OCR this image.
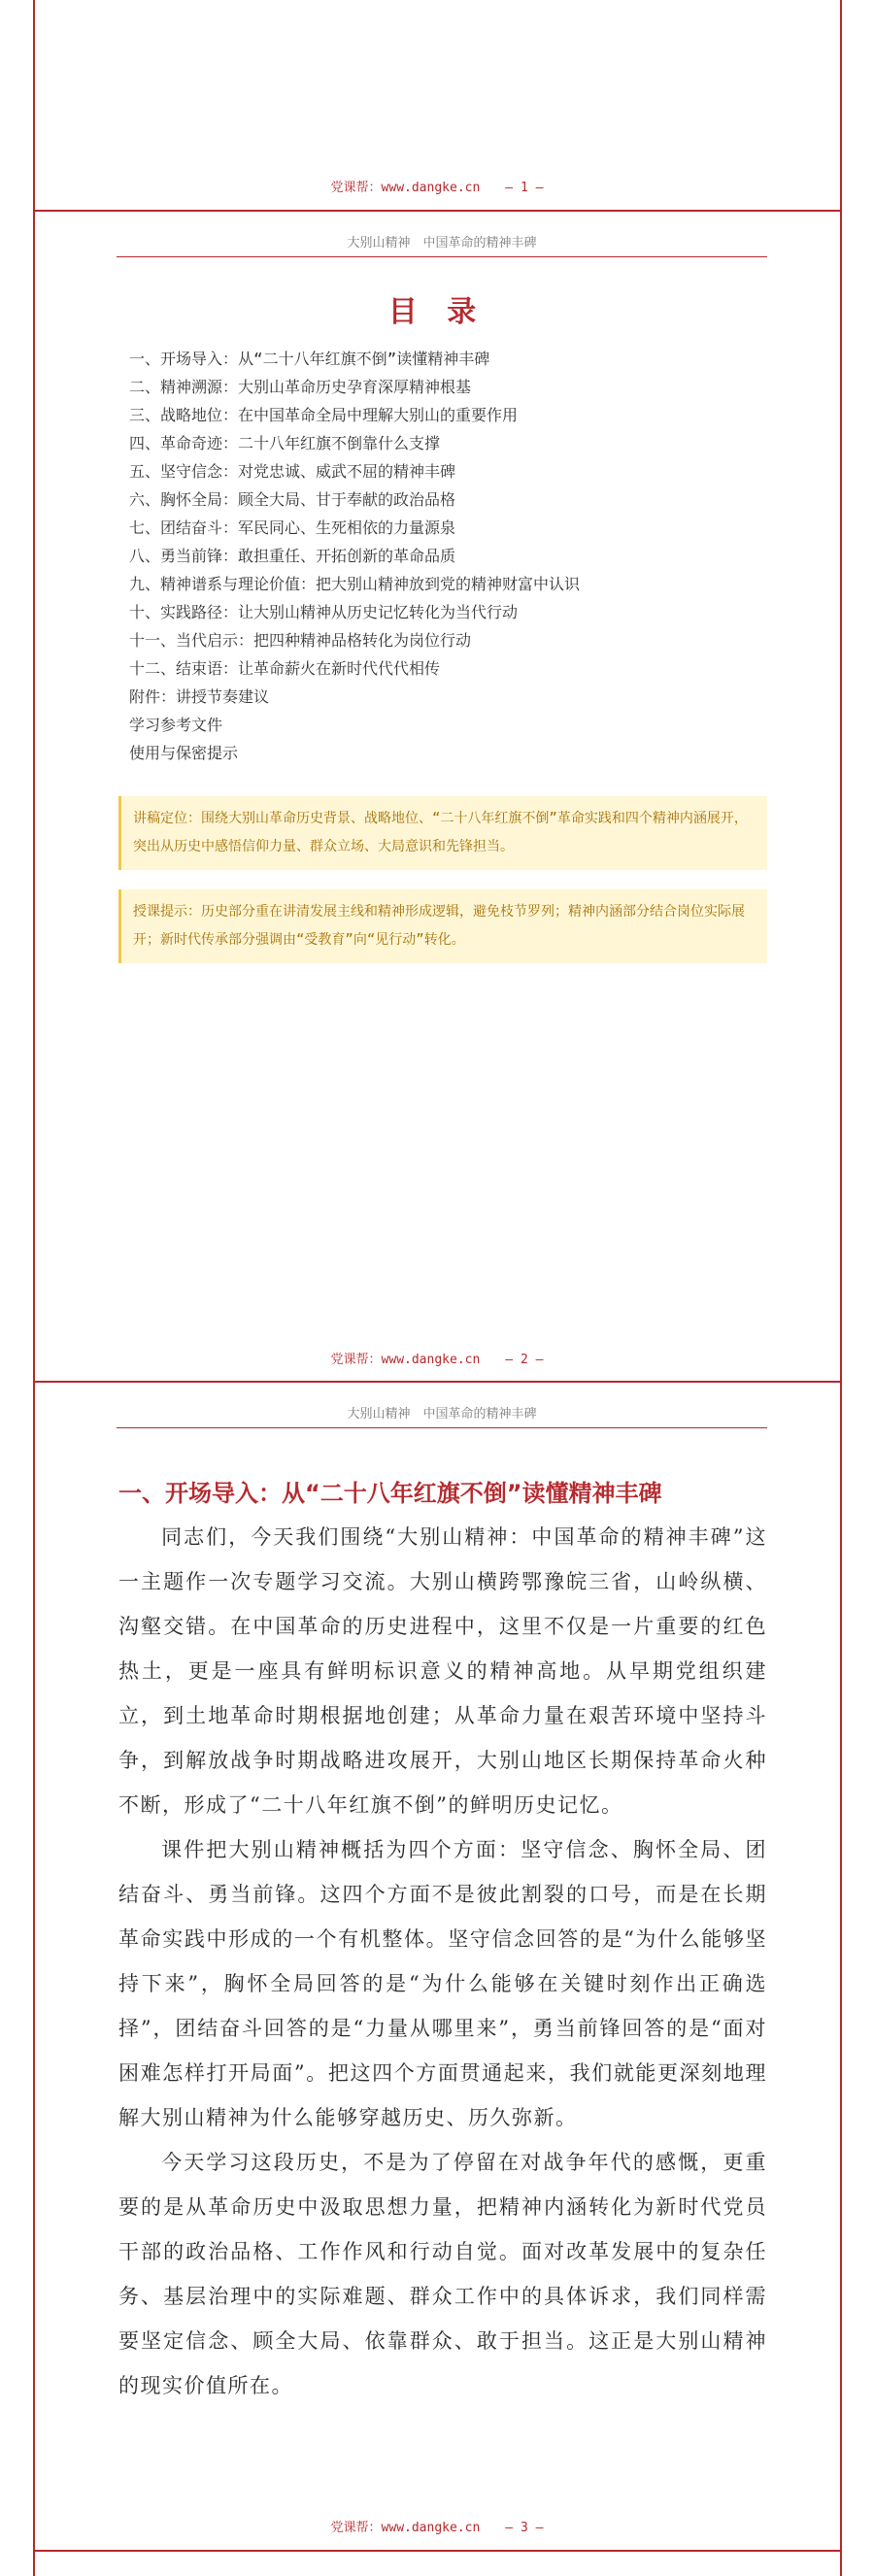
党课帮：www.dangke.cn — 1 —
大别山精神　中国革命的精神丰碑
目 录
一、开场导入：从“二十八年红旗不倒”读懂精神丰碑
二、精神溯源：大别山革命历史孕育深厚精神根基
三、战略地位：在中国革命全局中理解大别山的重要作用
四、革命奇迹：二十八年红旗不倒靠什么支撑
五、坚守信念：对党忠诚、威武不屈的精神丰碑
六、胸怀全局：顾全大局、甘于奉献的政治品格
七、团结奋斗：军民同心、生死相依的力量源泉
八、勇当前锋：敢担重任、开拓创新的革命品质
九、精神谱系与理论价值：把大别山精神放到党的精神财富中认识
十、实践路径：让大别山精神从历史记忆转化为当代行动
十一、当代启示：把四种精神品格转化为岗位行动
十二、结束语：让革命薪火在新时代代代相传
附件：讲授节奏建议
学习参考文件
使用与保密提示
讲稿定位：围绕大别山革命历史背景、战略地位、“二十八年红旗不倒”革命实践和四个精神内涵展开，突出从历史中感悟信仰力量、群众立场、大局意识和先锋担当。
授课提示：历史部分重在讲清发展主线和精神形成逻辑，避免枝节罗列；精神内涵部分结合岗位实际展开；新时代传承部分强调由“受教育”向“见行动”转化。
党课帮：www.dangke.cn — 2 —
大别山精神　中国革命的精神丰碑
一、开场导入：从“二十八年红旗不倒”读懂精神丰碑

同志们，今天我们围绕“大别山精神：中国革命的精神丰碑”这一主题作一次专题学习交流。大别山横跨鄂豫皖三省，山岭纵横、沟壑交错。在中国革命的历史进程中，这里不仅是一片重要的红色热土，更是一座具有鲜明标识意义的精神高地。从早期党组织建立，到土地革命时期根据地创建；从革命力量在艰苦环境中坚持斗争，到解放战争时期战略进攻展开，大别山地区长期保持革命火种不断，形成了“二十八年红旗不倒”的鲜明历史记忆。

课件把大别山精神概括为四个方面：坚守信念、胸怀全局、团结奋斗、勇当前锋。这四个方面不是彼此割裂的口号，而是在长期革命实践中形成的一个有机整体。坚守信念回答的是“为什么能够坚持下来”，胸怀全局回答的是“为什么能够在关键时刻作出正确选择”，团结奋斗回答的是“力量从哪里来”，勇当前锋回答的是“面对困难怎样打开局面”。把这四个方面贯通起来，我们就能更深刻地理解大别山精神为什么能够穿越历史、历久弥新。

今天学习这段历史，不是为了停留在对战争年代的感慨，更重要的是从革命历史中汲取思想力量，把精神内涵转化为新时代党员干部的政治品格、工作作风和行动自觉。面对改革发展中的复杂任务、基层治理中的实际难题、群众工作中的具体诉求，我们同样需要坚定信念、顾全大局、依靠群众、敢于担当。这正是大别山精神的现实价值所在。

党课帮：www.dangke.cn — 3 —
